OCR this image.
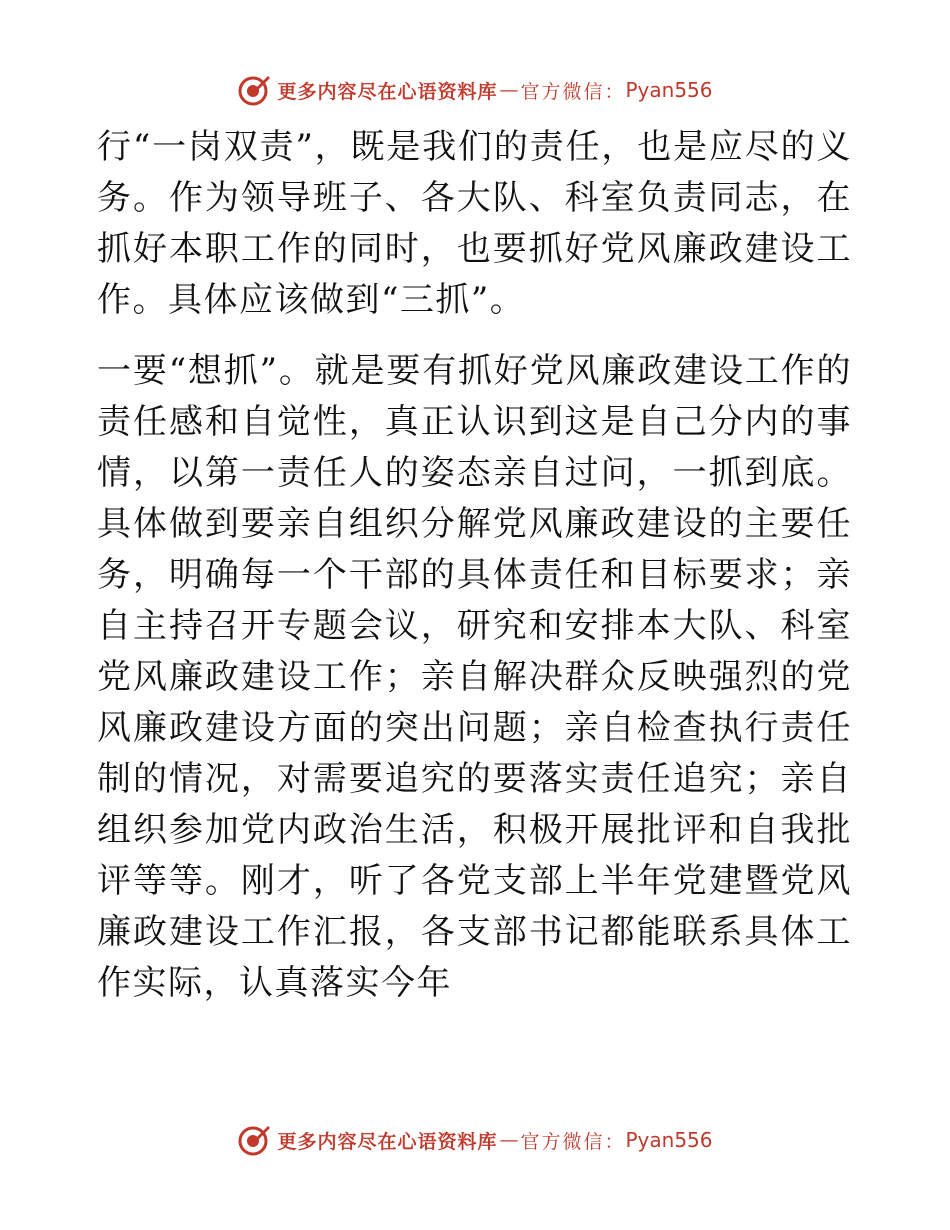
更多内容尽在心语资料库 — 官方微信： Pyan556

行“一岗双责”，既是我们的责任，也是应尽的义务。作为领导班子、各大队、科室负责同志，在抓好本职工作的同时，也要抓好党风廉政建设工作。具体应该做到“三抓”。

一要“想抓”。就是要有抓好党风廉政建设工作的责任感和自觉性，真正认识到这是自己分内的事情，以第一责任人的姿态亲自过问，一抓到底。具体做到要亲自组织分解党风廉政建设的主要任务，明确每一个干部的具体责任和目标要求；亲自主持召开专题会议，研究和安排本大队、科室党风廉政建设工作；亲自解决群众反映强烈的党风廉政建设方面的突出问题；亲自检查执行责任制的情况，对需要追究的要落实责任追究；亲自组织参加党内政治生活，积极开展批评和自我批评等等。刚才，听了各党支部上半年党建暨党风廉政建设工作汇报，各支部书记都能联系具体工作实际，认真落实今年

更多内容尽在心语资料库 — 官方微信： Pyan556
